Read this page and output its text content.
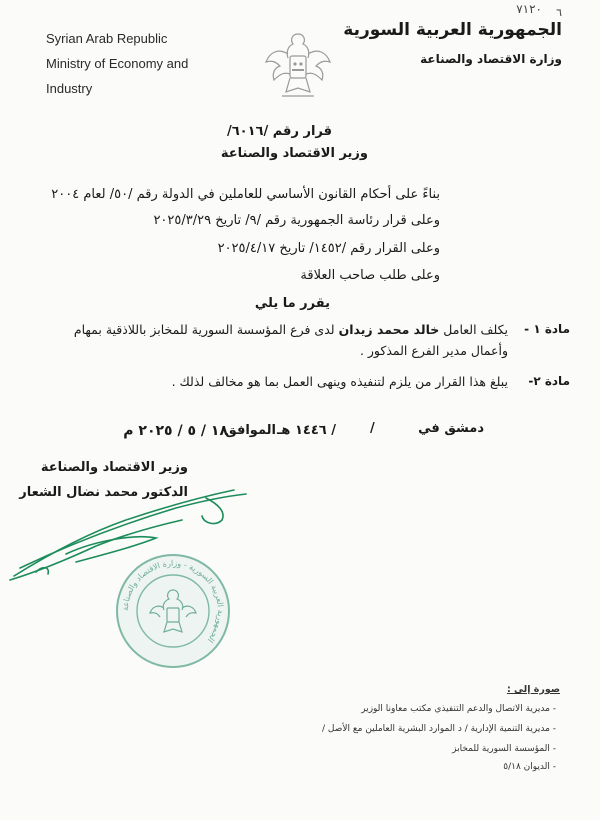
٧١٢٠ ٦
Syrian Arab Republic
Ministry of Economy and
Industry
الجمهورية العربية السورية
وزارة الاقتصاد والصناعة
قرار رقم /٦٠١٦/
وزير الاقتصاد والصناعة
بناءً على أحكام القانون الأساسي للعاملين في الدولة رقم /٥٠/ لعام ٢٠٠٤
وعلى قرار رئاسة الجمهورية رقم /٩/ تاريخ ٢٠٢٥/٣/٢٩
وعلى القرار رقم /١٤٥٢/ تاريخ ٢٠٢٥/٤/١٧
وعلى طلب صاحب العلاقة
يقرر ما يلي
مادة ١ -
يكلف العامل خالد محمد زيدان لدى فرع المؤسسة السورية للمخابز باللاذقية بمهام وأعمال مدير الفرع المذكور .
مادة ٢-
يبلغ هذا القرار من يلزم لتنفيذه وينهى العمل بما هو مخالف لذلك .
دمشق في
/
/ ١٤٤٦ هـ
الموافق
١٨ / ٥ / ٢٠٢٥ م
وزير الاقتصاد والصناعة
الدكتور محمد نضال الشعار
الجمهورية العربية السورية - وزارة الاقتصاد والصناعة
صورة إلى :
- مديرية الاتصال والدعم التنفيذي مكتب معاونا الوزير
- مديرية التنمية الإدارية / د الموارد البشرية العاملين مع الأصل /
- المؤسسة السورية للمخابز
- الديوان ٥/١٨
